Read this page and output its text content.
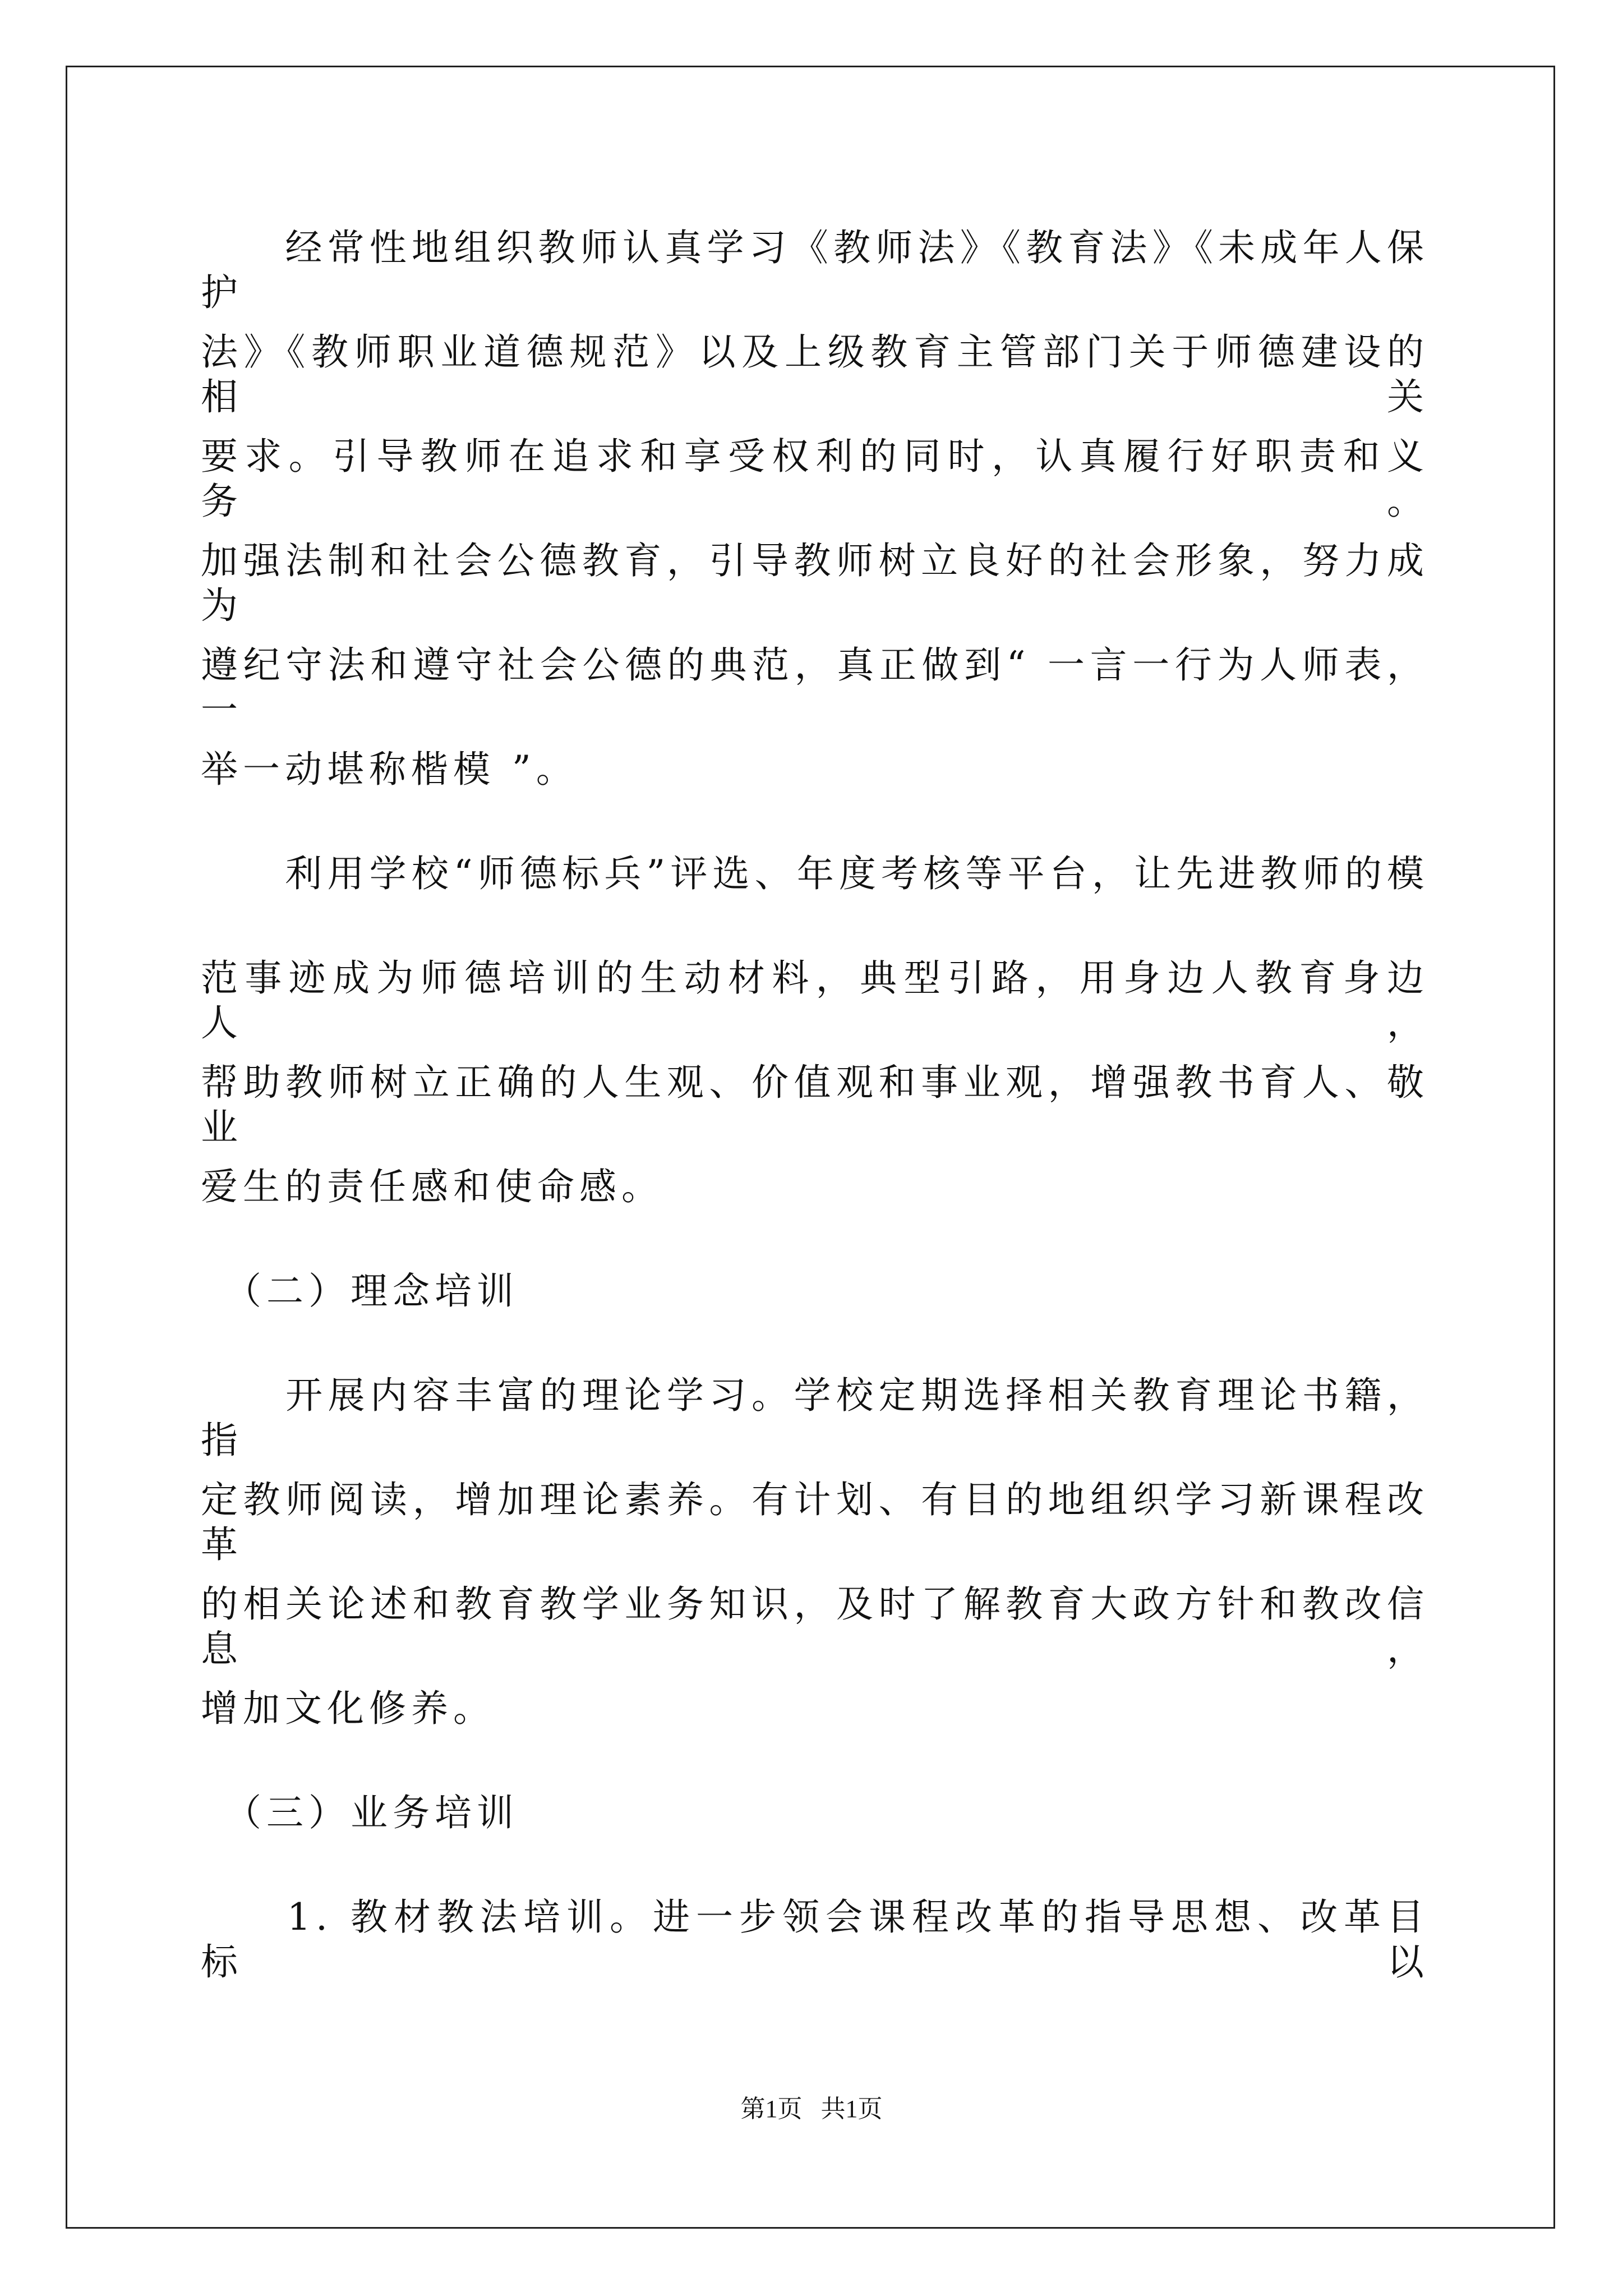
　　经常性地组织教师认真学习《教师法》《教育法》《未成年人保护
法》《教师职业道德规范》以及上级教育主管部门关于师德建设的相关
要求。引导教师在追求和享受权利的同时，认真履行好职责和义务。
加强法制和社会公德教育，引导教师树立良好的社会形象，努力成为
遵纪守法和遵守社会公德的典范，真正做到“ 一言一行为人师表，一
举一动堪称楷模 ”。
　　利用学校“师德标兵”评选、年度考核等平台，让先进教师的模
范事迹成为师德培训的生动材料，典型引路，用身边人教育身边人，
帮助教师树立正确的人生观、价值观和事业观，增强教书育人、敬业
爱生的责任感和使命感。
　（二）理念培训
　　开展内容丰富的理论学习。学校定期选择相关教育理论书籍，指
定教师阅读，增加理论素养。有计划、有目的地组织学习新课程改革
的相关论述和教育教学业务知识，及时了解教育大政方针和教改信息，
增加文化修养。
　（三）业务培训
　　1. 教材教法培训。进一步领会课程改革的指导思想、改革目标以
第1页   共1页
